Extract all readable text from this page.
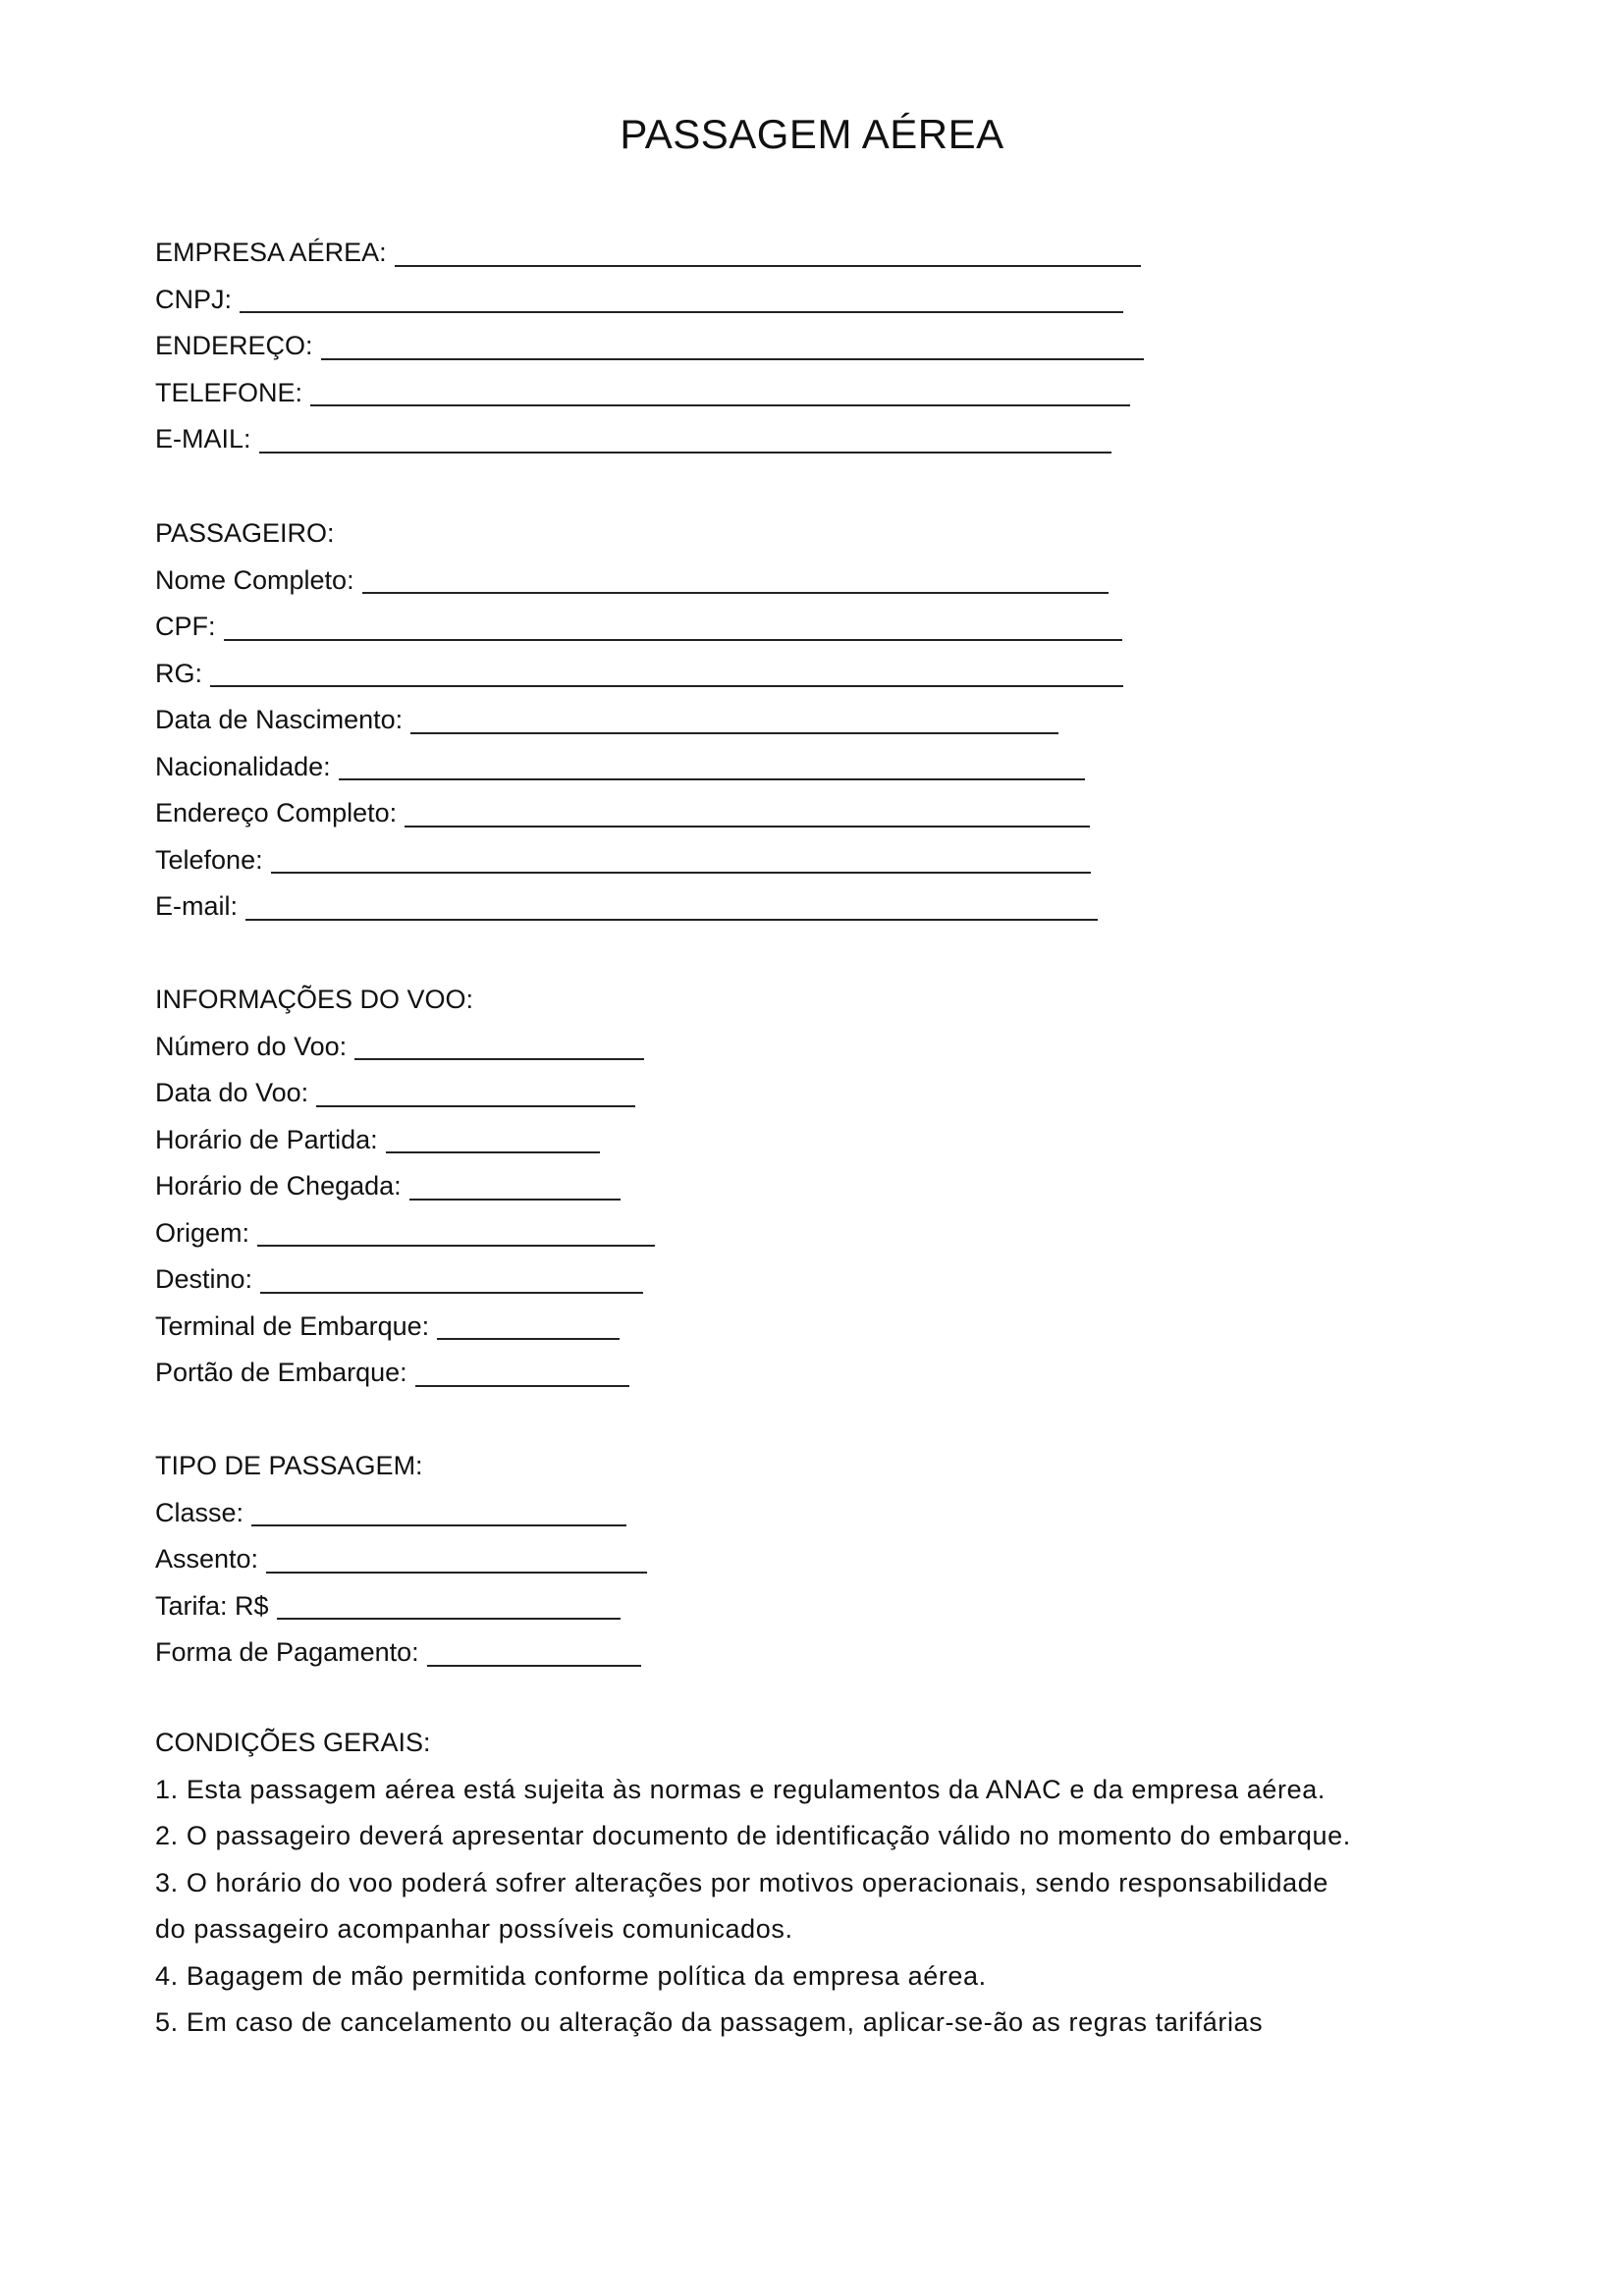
PASSAGEM AÉREA
EMPRESA AÉREA:
CNPJ:
ENDEREÇO:
TELEFONE:
E-MAIL:
PASSAGEIRO:
Nome Completo:
CPF:
RG:
Data de Nascimento:
Nacionalidade:
Endereço Completo:
Telefone:
E-mail:
INFORMAÇÕES DO VOO:
Número do Voo:
Data do Voo:
Horário de Partida:
Horário de Chegada:
Origem:
Destino:
Terminal de Embarque:
Portão de Embarque:
TIPO DE PASSAGEM:
Classe:
Assento:
Tarifa: R$
Forma de Pagamento:
CONDIÇÕES GERAIS:
1. Esta passagem aérea está sujeita às normas e regulamentos da ANAC e da empresa aérea.
2. O passageiro deverá apresentar documento de identificação válido no momento do embarque.
3. O horário do voo poderá sofrer alterações por motivos operacionais, sendo responsabilidade
do passageiro acompanhar possíveis comunicados.
4. Bagagem de mão permitida conforme política da empresa aérea.
5. Em caso de cancelamento ou alteração da passagem, aplicar-se-ão as regras tarifárias
